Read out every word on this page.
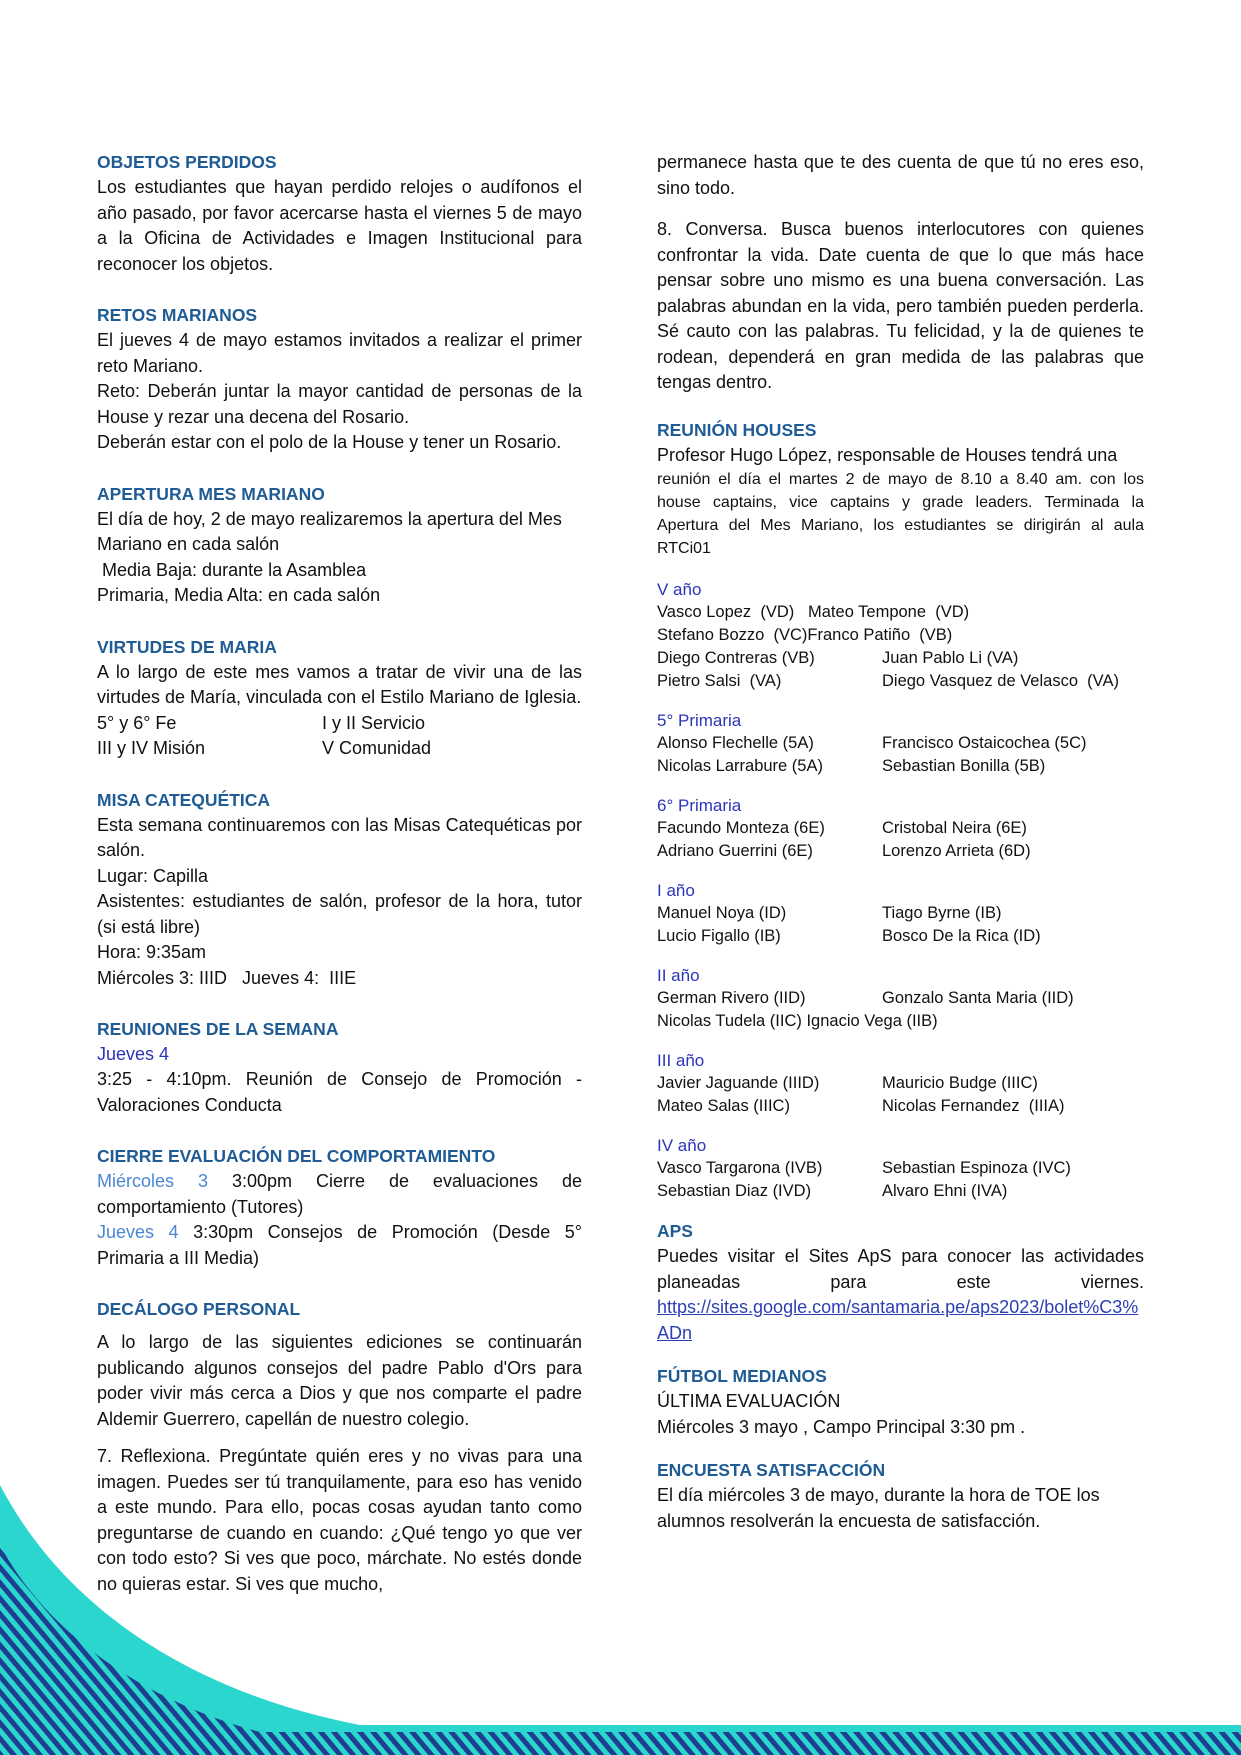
OBJETOS PERDIDOS

Los estudiantes que hayan perdido relojes o audífonos el año pasado, por favor acercarse hasta el viernes 5 de mayo a la Oficina de Actividades e Imagen Institucional para reconocer los objetos.

RETOS MARIANOS

El jueves 4 de mayo estamos invitados a realizar el primer reto Mariano.

Reto: Deberán juntar la mayor cantidad de personas de la House y rezar una decena del Rosario.

Deberán estar con el polo de la House y tener un Rosario.

APERTURA MES MARIANO

El día de hoy, 2 de mayo realizaremos la apertura del Mes Mariano en cada salón

Media Baja: durante la Asamblea

Primaria, Media Alta: en cada salón

VIRTUDES DE MARIA

A lo largo de este mes vamos a tratar de vivir una de las virtudes de María, vinculada con el Estilo Mariano de Iglesia.

5° y 6° Fe	I y II Servicio
III y IV Misión	V Comunidad

MISA CATEQUÉTICA

Esta semana continuaremos con las Misas Catequéticas por salón.

Lugar: Capilla

Asistentes: estudiantes de salón, profesor de la hora, tutor (si está libre)

Hora: 9:35am

Miércoles 3: IIID   Jueves 4:  IIIE

REUNIONES DE LA SEMANA

Jueves 4

3:25 - 4:10pm. Reunión de Consejo de Promoción - Valoraciones Conducta

CIERRE EVALUACIÓN DEL COMPORTAMIENTO

Miércoles 3 3:00pm Cierre de evaluaciones de comportamiento (Tutores)

Jueves 4 3:30pm Consejos de Promoción (Desde 5° Primaria a III Media)

DECÁLOGO PERSONAL

A lo largo de las siguientes ediciones se continuarán publicando algunos consejos del padre Pablo d'Ors para poder vivir más cerca a Dios y que nos comparte el padre Aldemir Guerrero, capellán de nuestro colegio.

7. Reflexiona. Pregúntate quién eres y no vivas para una imagen. Puedes ser tú tranquilamente, para eso has venido a este mundo. Para ello, pocas cosas ayudan tanto como preguntarse de cuando en cuando: ¿Qué tengo yo que ver con todo esto? Si ves que poco, márchate. No estés donde no quieras estar. Si ves que mucho,

permanece hasta que te des cuenta de que tú no eres eso, sino todo.

8. Conversa. Busca buenos interlocutores con quienes confrontar la vida. Date cuenta de que lo que más hace pensar sobre uno mismo es una buena conversación. Las palabras abundan en la vida, pero también pueden perderla. Sé cauto con las palabras. Tu felicidad, y la de quienes te rodean, dependerá en gran medida de las palabras que tengas dentro.

REUNIÓN HOUSES

Profesor Hugo López, responsable de Houses tendrá una

reunión el día el martes 2 de mayo de 8.10 a 8.40 am. con los house captains, vice captains y grade leaders. Terminada la Apertura del Mes Mariano, los estudiantes se dirigirán al aula RTCi01

V año

Vasco Lopez  (VD)   Mateo Tempone  (VD)
Stefano Bozzo  (VC)Franco Patiño  (VB)
Diego Contreras (VB)	Juan Pablo Li (VA)
Pietro Salsi  (VA)	Diego Vasquez de Velasco  (VA)

5° Primaria

Alonso Flechelle (5A)	Francisco Ostaicochea (5C)
Nicolas Larrabure (5A)	Sebastian Bonilla (5B)

6° Primaria

Facundo Monteza (6E)	Cristobal Neira (6E)
Adriano Guerrini (6E)	Lorenzo Arrieta (6D)

I año

Manuel Noya (ID)	Tiago Byrne (IB)
Lucio Figallo (IB)	Bosco De la Rica (ID)

II año

German Rivero (IID)	Gonzalo Santa Maria (IID)
Nicolas Tudela (IIC) Ignacio Vega (IIB)

III año

Javier Jaguande (IIID)	Mauricio Budge (IIIC)
Mateo Salas (IIIC)	Nicolas Fernandez  (IIIA)

IV año

Vasco Targarona (IVB)	Sebastian Espinoza (IVC)
Sebastian Diaz (IVD)	Alvaro Ehni (IVA)

APS

Puedes visitar el Sites ApS para conocer las actividades planeadas para este viernes.

https://sites.google.com/santamaria.pe/aps2023/bolet%C3%ADn

FÚTBOL MEDIANOS

ÚLTIMA EVALUACIÓN

Miércoles 3 mayo , Campo Principal 3:30 pm .

ENCUESTA SATISFACCIÓN

El día miércoles 3 de mayo, durante la hora de TOE los alumnos resolverán la encuesta de satisfacción.
